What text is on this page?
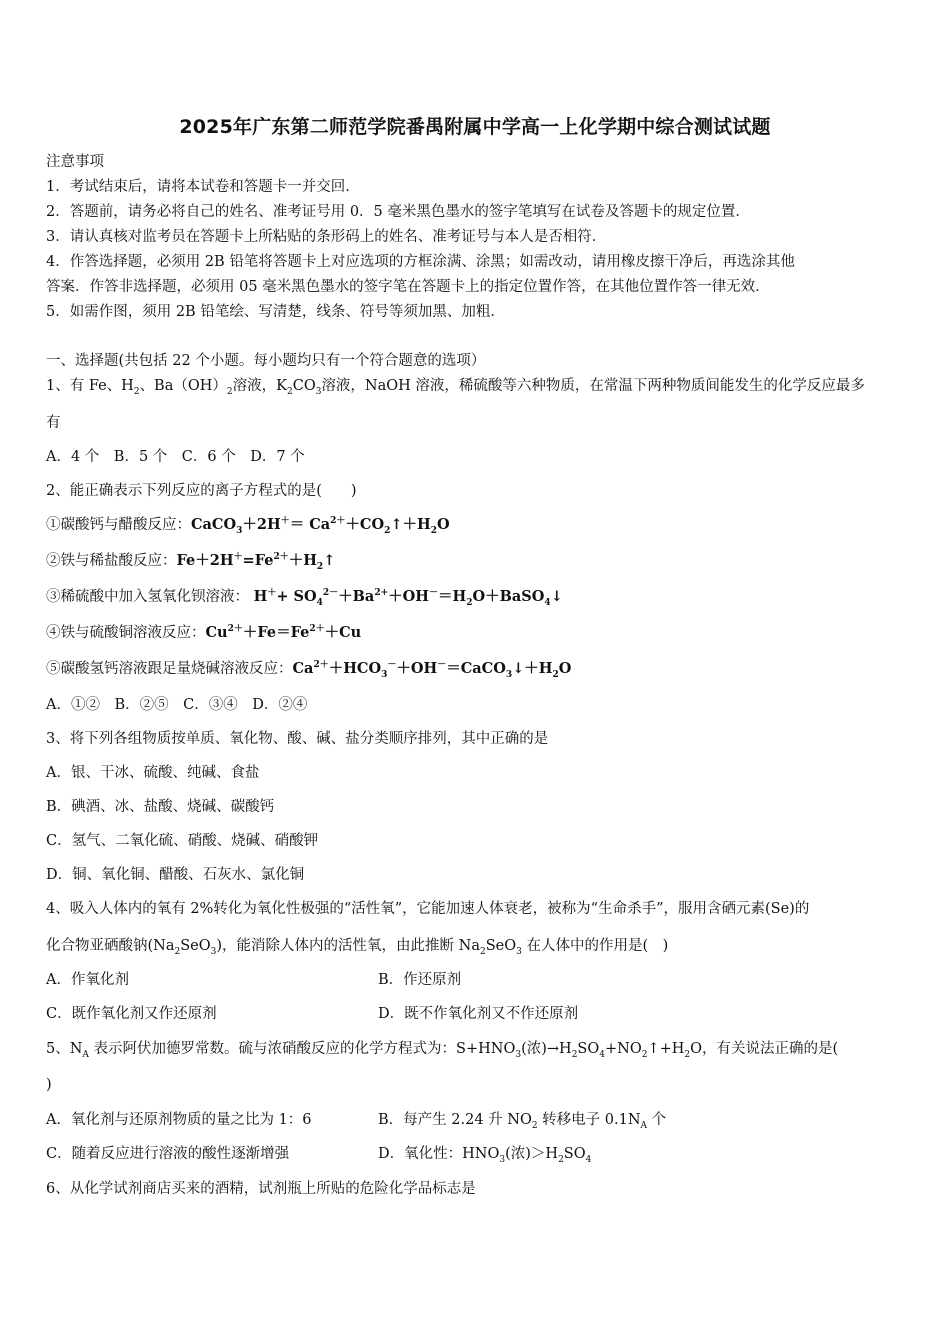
2025年广东第二师范学院番禺附属中学高一上化学期中综合测试试题
注意事项
1．考试结束后，请将本试卷和答题卡一并交回．
2．答题前，请务必将自己的姓名、准考证号用 0．5 毫米黑色墨水的签字笔填写在试卷及答题卡的规定位置．
3．请认真核对监考员在答题卡上所粘贴的条形码上的姓名、准考证号与本人是否相符．
4．作答选择题，必须用 2B 铅笔将答题卡上对应选项的方框涂满、涂黑；如需改动，请用橡皮擦干净后，再选涂其他
答案．作答非选择题，必须用 05 毫米黑色墨水的签字笔在答题卡上的指定位置作答，在其他位置作答一律无效．
5．如需作图，须用 2B 铅笔绘、写清楚，线条、符号等须加黑、加粗．
一、选择题(共包括 22 个小题。每小题均只有一个符合题意的选项）
1、有 Fe、$H_2$、$Ba(OH)_2$溶液，$K_2CO_3$溶液，NaOH 溶液，稀硫酸等六种物质，在常温下两种物质间能发生的化学反应最多
有
A．4 个　B．5 个　C．6 个　D．7 个
2、能正确表示下列反应的离子方程式的是(　　)
①碳酸钙与醋酸反应：CaCO$_3$＋2H＋＝ $Ca^{2+}+CO_2↑+H_2O$
②铁与稀盐酸反应：$Fe+2H^+=Fe^{2+}+H_2↑$
③稀硫酸中加入氢氧化钡溶液： $H^++ SO_4^{2-}+Ba^{2+}+OH^-=H_2O+BaSO_4↓$
④铁与硫酸铜溶液反应：$Cu^{2+}+Fe=Fe^{2+}+Cu$
⑤碳酸氢钙溶液跟足量烧碱溶液反应：$Ca^{2+}+HCO_3^-+OH^-=CaCO_3↓+H_2O$
A．①②　B．②⑤　C．③④　D．②④
3、将下列各组物质按单质、氧化物、酸、碱、盐分类顺序排列，其中正确的是
A．银、干冰、硫酸、纯碱、食盐
B．碘酒、冰、盐酸、烧碱、碳酸钙
C．氢气、二氧化硫、硝酸、烧碱、硝酸钾
D．铜、氧化铜、醋酸、石灰水、氯化铜
4、吸入人体内的氧有 2%转化为氧化性极强的“活性氧”，它能加速人体衰老，被称为“生命杀手”，服用含硒元素(Se)的
化合物亚硒酸钠$(Na_2SeO_3)$，能消除人体内的活性氧，由此推断 $Na_2SeO_3$ 在人体中的作用是(　)
A．作氧化剂	B．作还原剂
C．既作氧化剂又作还原剂	D．既不作氧化剂又不作还原剂
5、$N_A$ 表示阿伏加德罗常数。硫与浓硝酸反应的化学方程式为：$S+HNO_3$(浓)$\to H_2SO_4+NO_2↑+H_2O$，有关说法正确的是(
)
A．氧化剂与还原剂物质的量之比为 1：6	B．每产生 2.24 升 $NO_2$ 转移电子 $0.1N_A$ 个
C．随着反应进行溶液的酸性逐渐增强	D．氧化性：$HNO_3$(浓)$>H_2SO_4$
6、从化学试剂商店买来的酒精，试剂瓶上所贴的危险化学品标志是
